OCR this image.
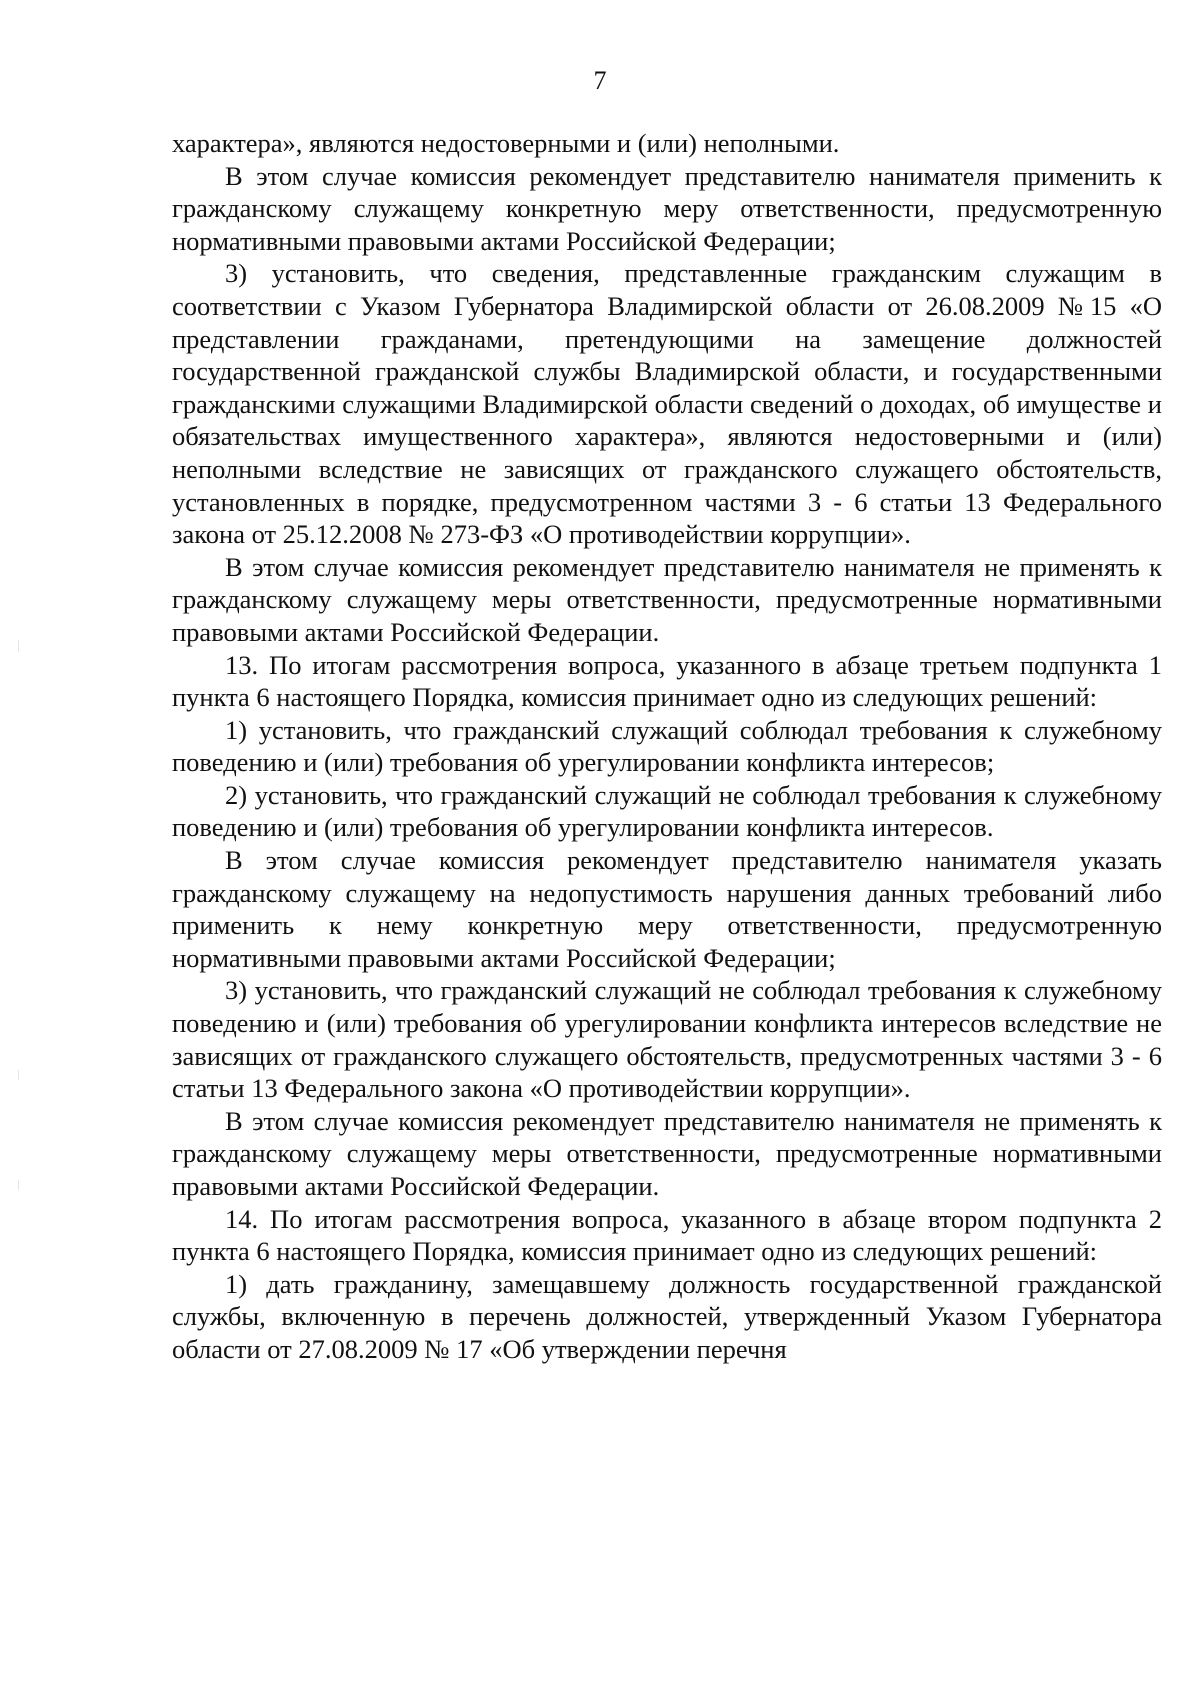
7

характера», являются недостоверными и (или) неполными.

В этом случае комиссия рекомендует представителю нанимателя применить к гражданскому служащему конкретную меру ответственности, предусмотренную нормативными правовыми актами Российской Федерации;

3) установить, что сведения, представленные гражданским служащим в соответствии с Указом Губернатора Владимирской области от 26.08.2009 №15 «О представлении гражданами, претендующими на замещение должностей государственной гражданской службы Владимирской области, и государственными гражданскими служащими Владимирской области сведений о доходах, об имуществе и обязательствах имущественного характера», являются недостоверными и (или) неполными вследствие не зависящих от гражданского служащего обстоятельств, установленных в порядке, предусмотренном частями 3 - 6 статьи 13 Федерального закона от 25.12.2008 № 273-ФЗ «О противодействии коррупции».

В этом случае комиссия рекомендует представителю нанимателя не применять к гражданскому служащему меры ответственности, предусмотренные нормативными правовыми актами Российской Федерации.

13. По итогам рассмотрения вопроса, указанного в абзаце третьем подпункта 1 пункта 6 настоящего Порядка, комиссия принимает одно из следующих решений:

1) установить, что гражданский служащий соблюдал требования к служебному поведению и (или) требования об урегулировании конфликта интересов;

2) установить, что гражданский служащий не соблюдал требования к служебному поведению и (или) требования об урегулировании конфликта интересов.

В этом случае комиссия рекомендует представителю нанимателя указать гражданскому служащему на недопустимость нарушения данных требований либо применить к нему конкретную меру ответственности, предусмотренную нормативными правовыми актами Российской Федерации;

3) установить, что гражданский служащий не соблюдал требования к служебному поведению и (или) требования об урегулировании конфликта интересов вследствие не зависящих от гражданского служащего обстоятельств, предусмотренных частями 3 - 6 статьи 13 Федерального закона «О противодействии коррупции».

В этом случае комиссия рекомендует представителю нанимателя не применять к гражданскому служащему меры ответственности, предусмотренные нормативными правовыми актами Российской Федерации.

14. По итогам рассмотрения вопроса, указанного в абзаце втором подпункта 2 пункта 6 настоящего Порядка, комиссия принимает одно из следующих решений:

1) дать гражданину, замещавшему должность государственной гражданской службы, включенную в перечень должностей, утвержденный Указом Губернатора области от 27.08.2009 № 17 «Об утверждении перечня
